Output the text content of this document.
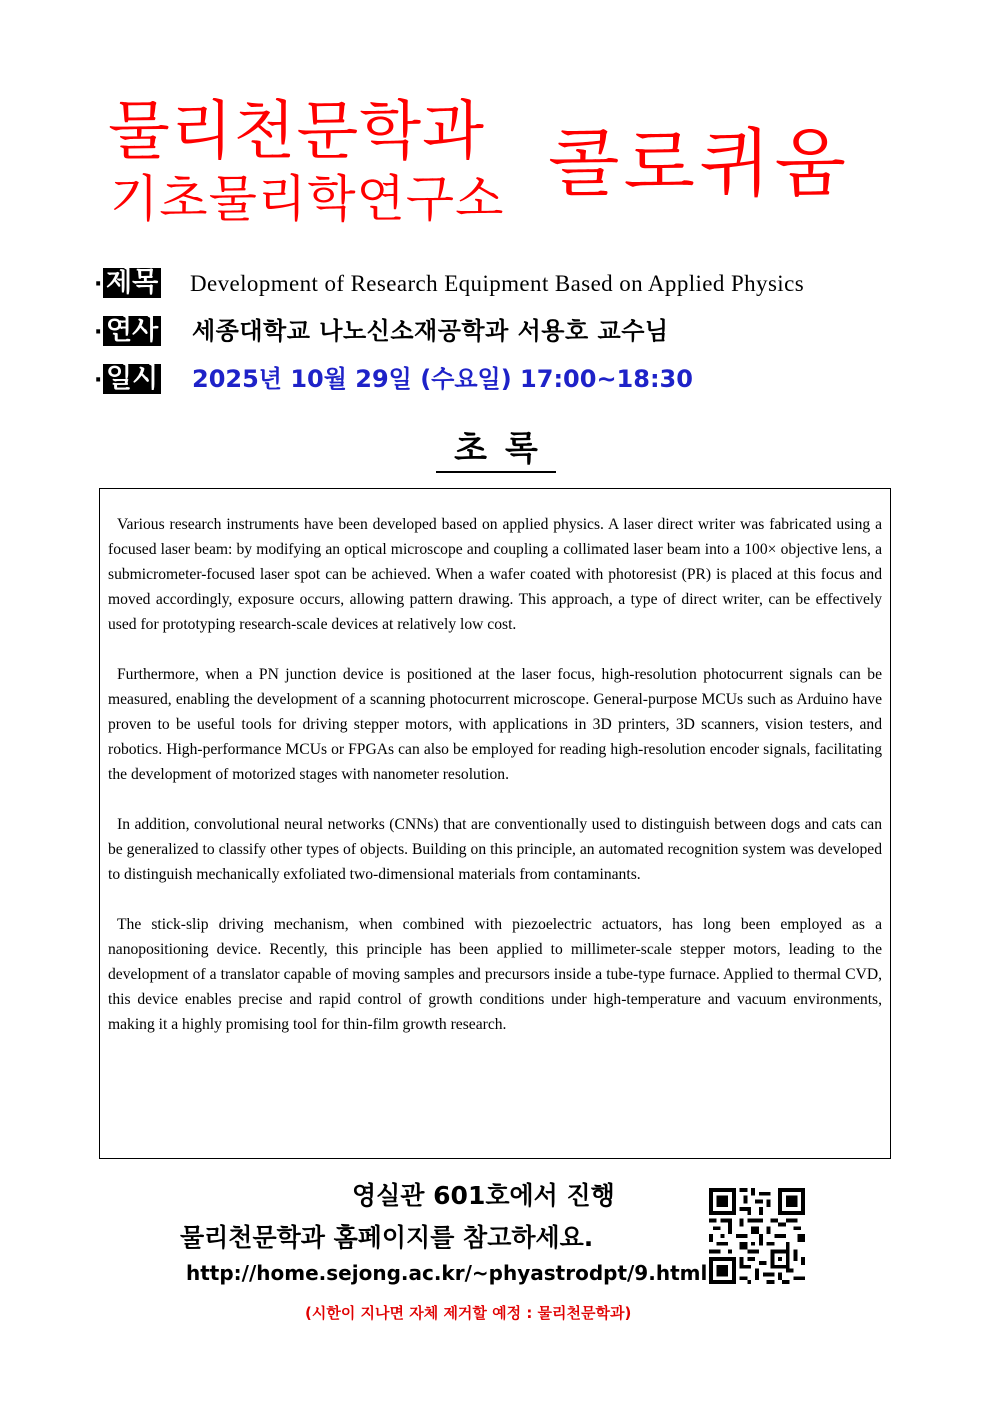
물리천문학과
기초물리학연구소 콜로퀴움
· 제목 Development of Research Equipment Based on Applied Physics
· 연사 세종대학교 나노신소재공학과 서용호 교수님
· 일시 2025년 10월 29일 (수요일) 17:00~18:30
초록

Various research instruments have been developed based on applied physics. A laser direct writer was fabricated using a focused laser beam: by modifying an optical microscope and coupling a collimated laser beam into a 100× objective lens, a submicrometer-focused laser spot can be achieved. When a wafer coated with photoresist (PR) is placed at this focus and moved accordingly, exposure occurs, allowing pattern drawing. This approach, a type of direct writer, can be effectively used for prototyping research-scale devices at relatively low cost.

Furthermore, when a PN junction device is positioned at the laser focus, high-resolution photocurrent signals can be measured, enabling the development of a scanning photocurrent microscope. General-purpose MCUs such as Arduino have proven to be useful tools for driving stepper motors, with applications in 3D printers, 3D scanners, vision testers, and robotics. High-performance MCUs or FPGAs can also be employed for reading high-resolution encoder signals, facilitating the development of motorized stages with nanometer resolution.

In addition, convolutional neural networks (CNNs) that are conventionally used to distinguish between dogs and cats can be generalized to classify other types of objects. Building on this principle, an automated recognition system was developed to distinguish mechanically exfoliated two-dimensional materials from contaminants.

The stick-slip driving mechanism, when combined with piezoelectric actuators, has long been employed as a nanopositioning device. Recently, this principle has been applied to millimeter-scale stepper motors, leading to the development of a translator capable of moving samples and precursors inside a tube-type furnace. Applied to thermal CVD, this device enables precise and rapid control of growth conditions under high-temperature and vacuum environments, making it a highly promising tool for thin-film growth research.

영실관 601호에서 진행
물리천문학과 홈페이지를 참고하세요.
http://home.sejong.ac.kr/~phyastrodpt/9.html
(시한이 지나면 자체 제거할 예정 : 물리천문학과)
